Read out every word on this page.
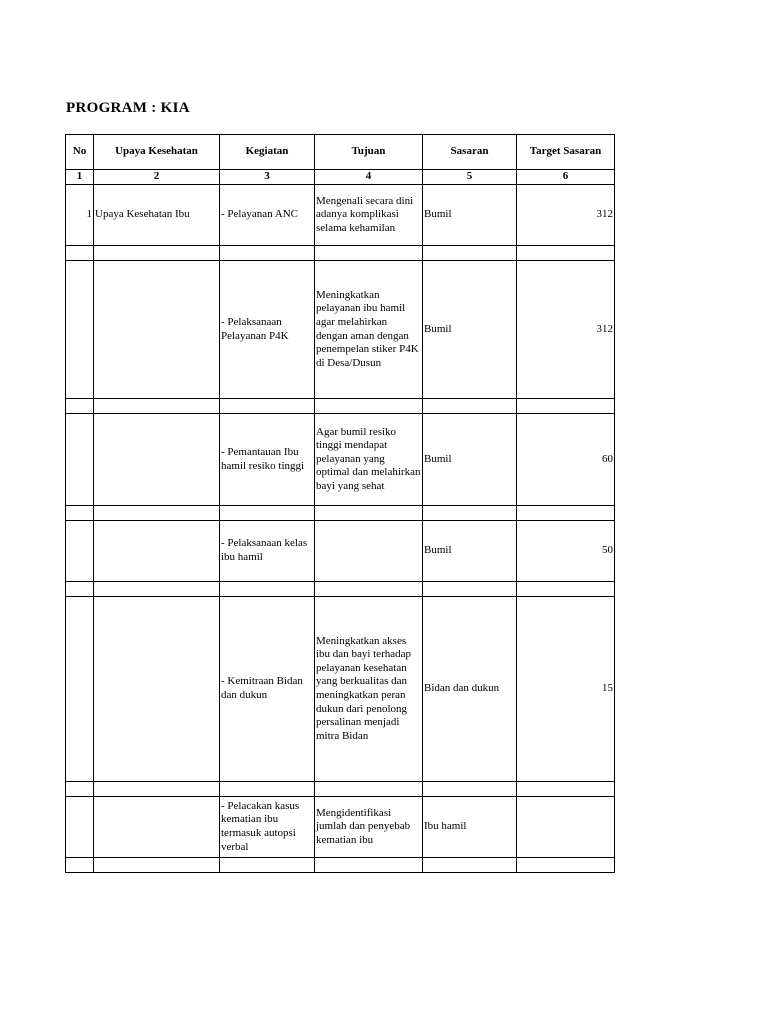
PROGRAM : KIA
No	Upaya Kesehatan	Kegiatan	Tujuan	Sasaran	Target Sasaran
1	2	3	4	5	6
1	Upaya Kesehatan Ibu	- Pelayanan ANC	Mengenali secara dini adanya komplikasi selama kehamilan	Bumil	312

		- Pelaksanaan Pelayanan P4K	Meningkatkan pelayanan ibu hamil agar melahirkan dengan aman dengan penempelan stiker P4K di Desa/Dusun	Bumil	312

		- Pemantauan Ibu hamil resiko tinggi	Agar bumil resiko tinggi mendapat pelayanan yang optimal dan melahirkan bayi yang sehat	Bumil	60

		- Pelaksanaan kelas ibu hamil		Bumil	50

		- Kemitraan Bidan dan dukun	Meningkatkan akses ibu dan bayi terhadap pelayanan kesehatan yang berkualitas dan meningkatkan peran dukun dari penolong persalinan menjadi mitra Bidan	Bidan dan dukun	15

		- Pelacakan kasus kematian ibu termasuk autopsi verbal	Mengidentifikasi jumlah dan penyebab kematian ibu	Ibu hamil	
